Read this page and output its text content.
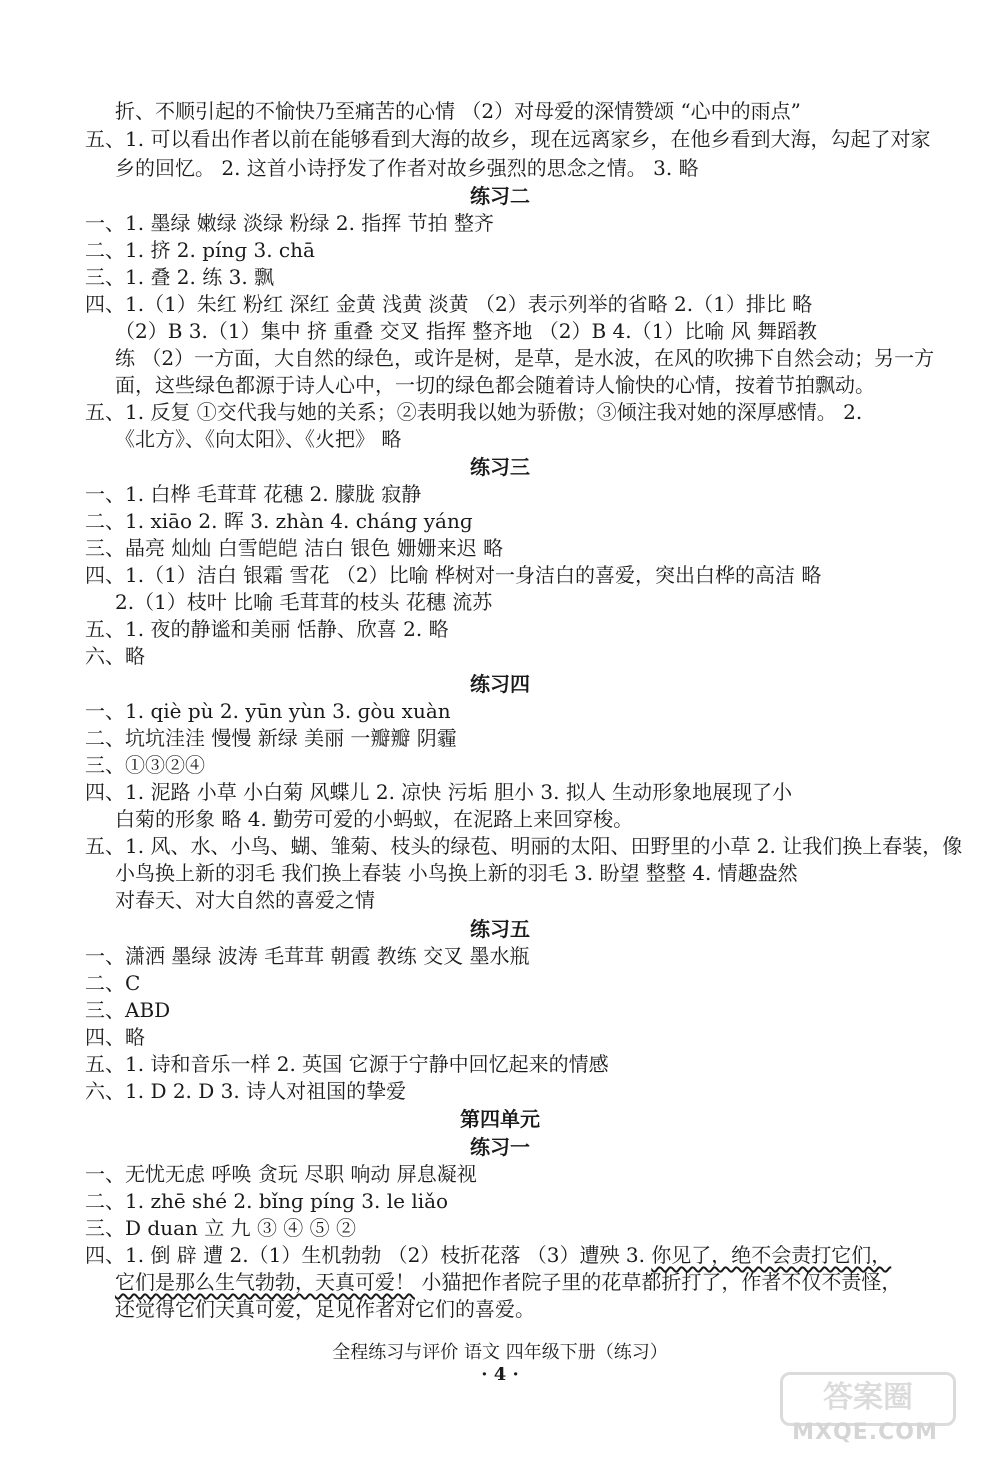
折、不顺引起的不愉快乃至痛苦的心情 （2）对母爱的深情赞颂 “心中的雨点”
五、1. 可以看出作者以前在能够看到大海的故乡，现在远离家乡，在他乡看到大海，勾起了对家
乡的回忆。 2. 这首小诗抒发了作者对故乡强烈的思念之情。 3. 略
练习二
一、1. 墨绿 嫩绿 淡绿 粉绿 2. 指挥 节拍 整齐
二、1. 挤 2. pínɡ 3. chā
三、1. 叠 2. 练 3. 飘
四、1.（1）朱红 粉红 深红 金黄 浅黄 淡黄 （2）表示列举的省略 2.（1）排比 略
（2）B 3.（1）集中 挤 重叠 交叉 指挥 整齐地 （2）B 4.（1）比喻 风 舞蹈教
练 （2）一方面，大自然的绿色，或许是树，是草，是水波，在风的吹拂下自然会动；另一方
面，这些绿色都源于诗人心中，一切的绿色都会随着诗人愉快的心情，按着节拍飘动。
五、1. 反复 ①交代我与她的关系；②表明我以她为骄傲；③倾注我对她的深厚感情。 2.
《北方》、《向太阳》、《火把》 略
练习三
一、1. 白桦 毛茸茸 花穗 2. 朦胧 寂静
二、1. xiāo 2. 晖 3. zhàn 4. chánɡ yánɡ
三、晶亮 灿灿 白雪皑皑 洁白 银色 姗姗来迟 略
四、1.（1）洁白 银霜 雪花 （2）比喻 桦树对一身洁白的喜爱，突出白桦的高洁 略
2.（1）枝叶 比喻 毛茸茸的枝头 花穗 流苏
五、1. 夜的静谧和美丽 恬静、欣喜 2. 略
六、略
练习四
一、1. qiè pù 2. yūn yùn 3. ɡòu xuàn
二、坑坑洼洼 慢慢 新绿 美丽 一瓣瓣 阴霾
三、①③②④
四、1. 泥路 小草 小白菊 风蝶儿 2. 凉快 污垢 胆小 3. 拟人 生动形象地展现了小
白菊的形象 略 4. 勤劳可爱的小蚂蚁，在泥路上来回穿梭。
五、1. 风、水、小鸟、蝴、雏菊、枝头的绿苞、明丽的太阳、田野里的小草 2. 让我们换上春装，像
小鸟换上新的羽毛 我们换上春装 小鸟换上新的羽毛 3. 盼望 整整 4. 情趣盎然
对春天、对大自然的喜爱之情
练习五
一、潇洒 墨绿 波涛 毛茸茸 朝霞 教练 交叉 墨水瓶
二、C
三、ABD
四、略
五、1. 诗和音乐一样 2. 英国 它源于宁静中回忆起来的情感
六、1. D 2. D 3. 诗人对祖国的挚爱
第四单元
练习一
一、无忧无虑 呼唤 贪玩 尽职 响动 屏息凝视
二、1. zhē shé 2. bǐnɡ pínɡ 3. le liǎo
三、D duan 立 九 ③ ④ ⑤ ②
四、1. 倒 辟 遭 2.（1）生机勃勃 （2）枝折花落 （3）遭殃 3. 你见了，绝不会责打它们，
它们是那么生气勃勃，天真可爱！ 小猫把作者院子里的花草都折打了，作者不仅不责怪，
还觉得它们天真可爱，足见作者对它们的喜爱。
全程练习与评价 语文 四年级下册（练习）
· 4 ·
答案圈
MXQE.COM
